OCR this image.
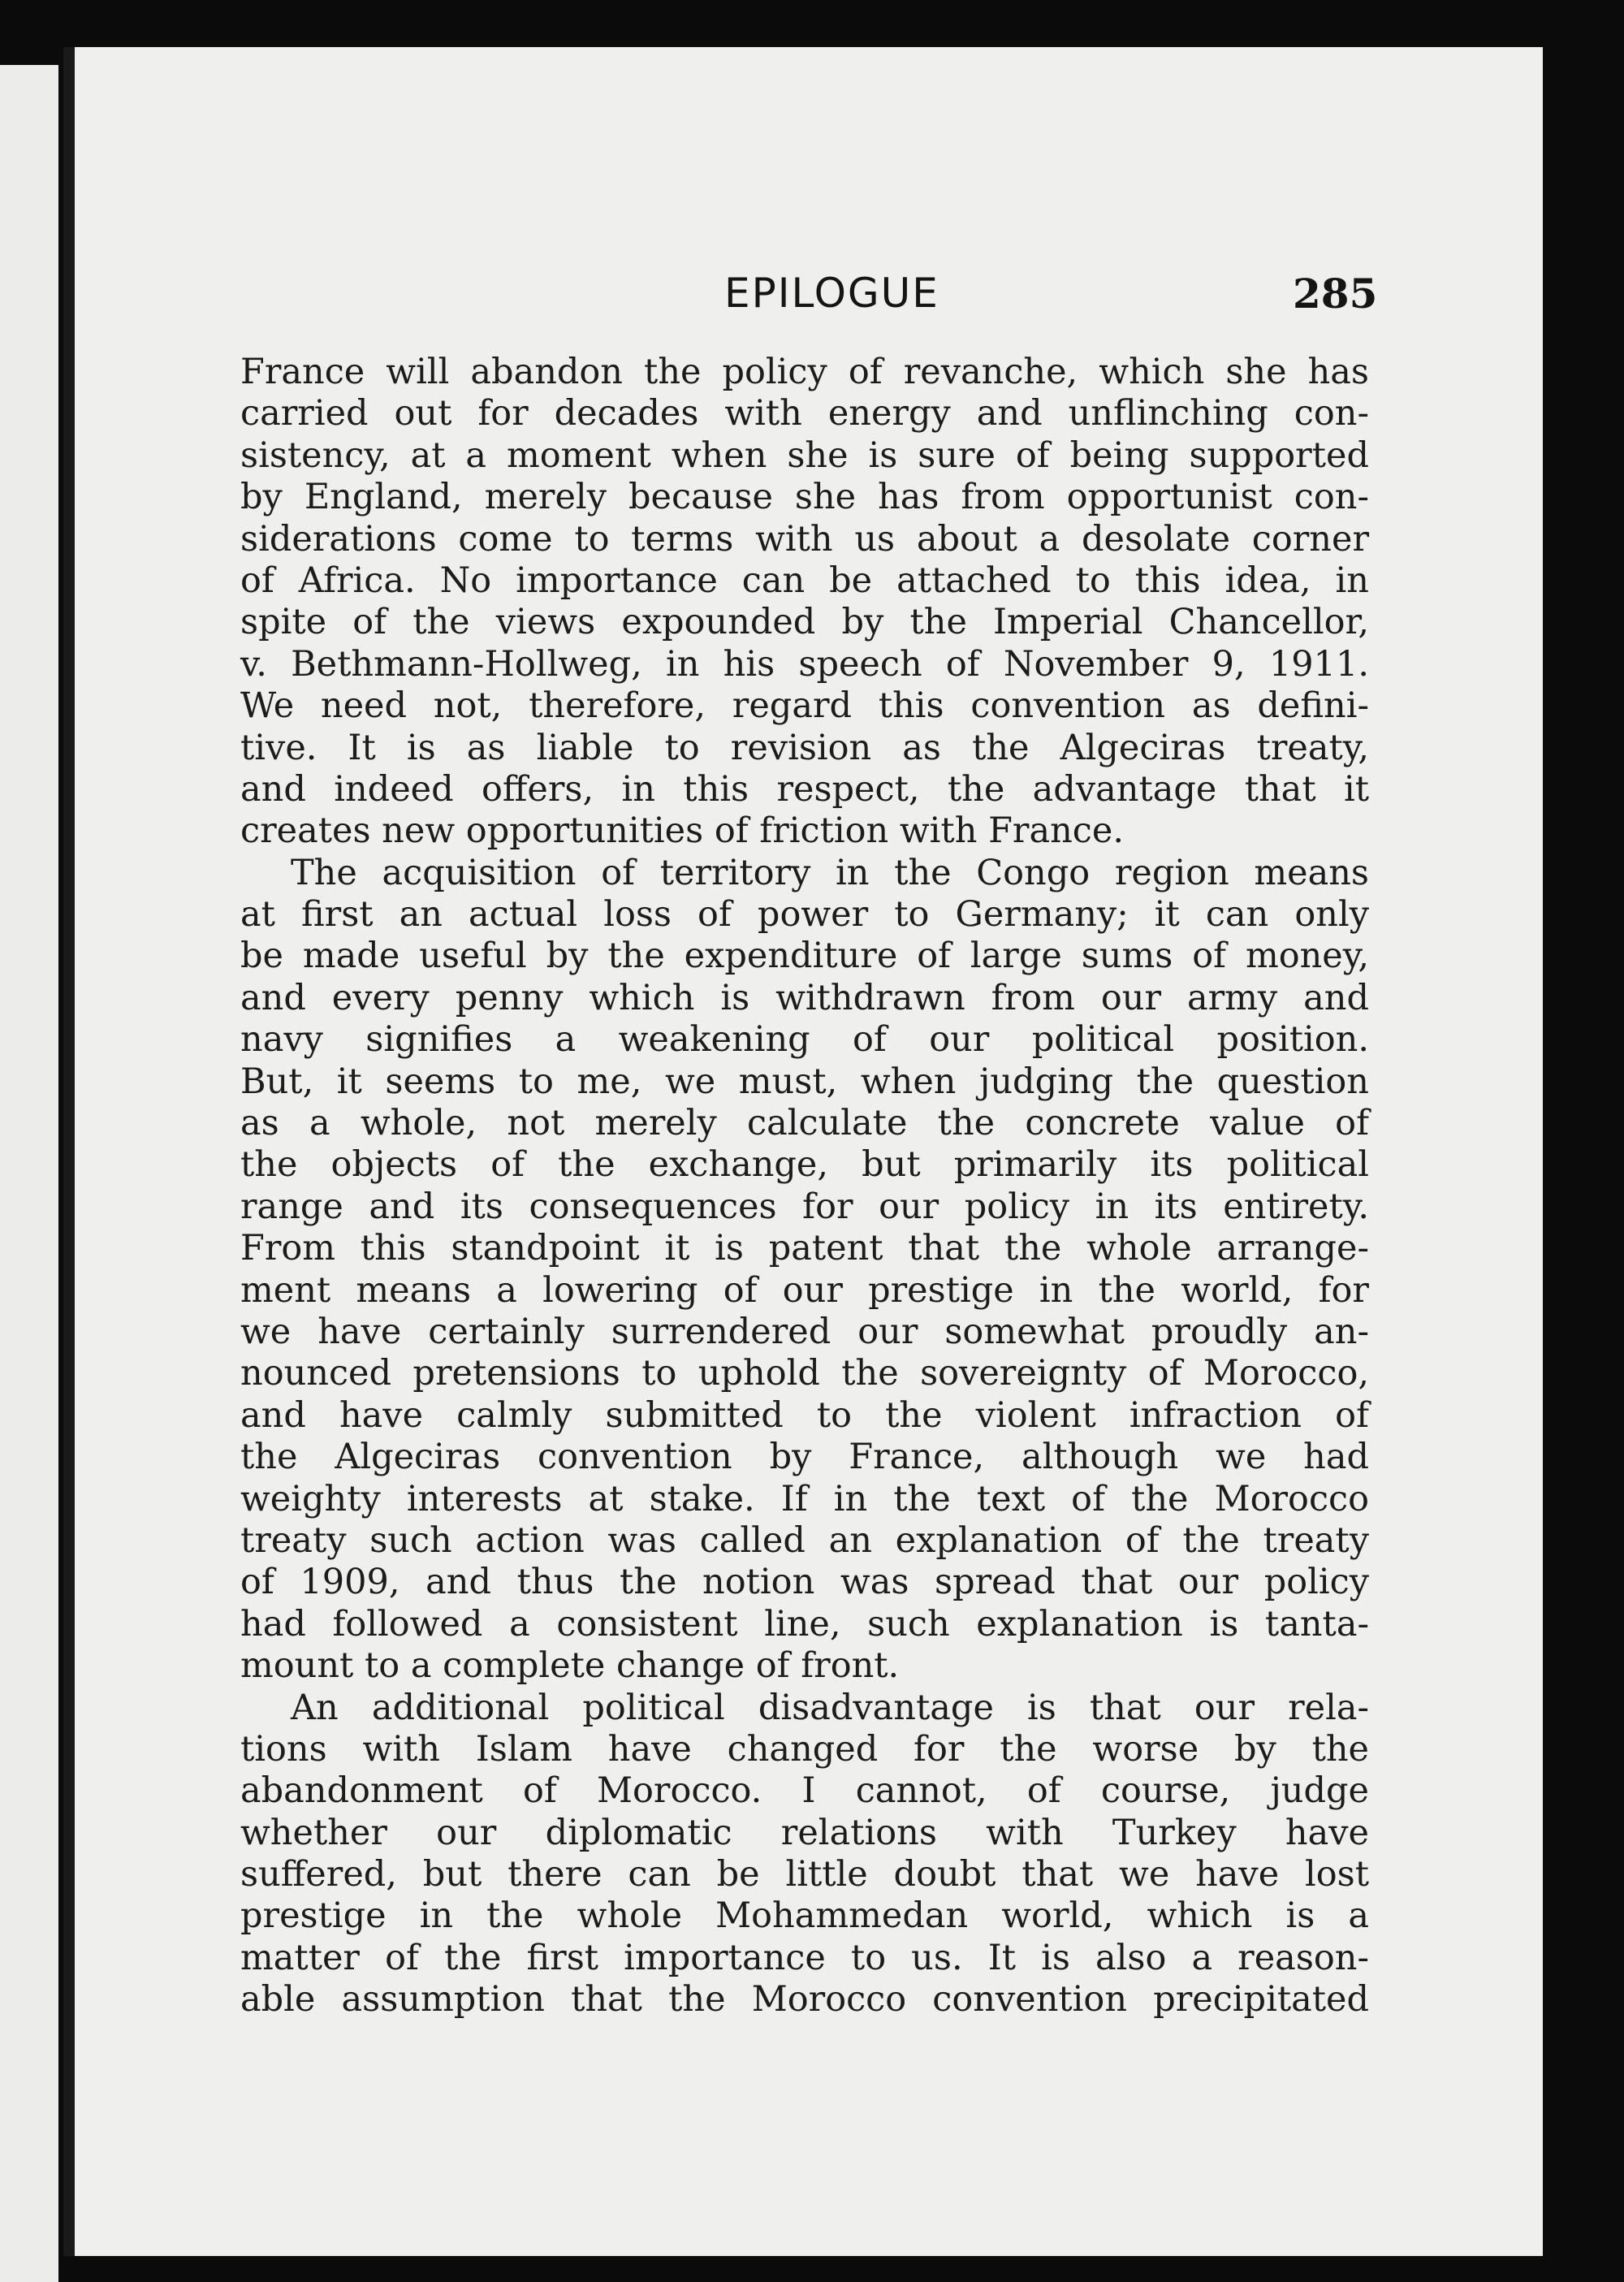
EPILOGUE	285
France will abandon the policy of revanche, which she has
carried out for decades with energy and unflinching con-
sistency, at a moment when she is sure of being supported
by England, merely because she has from opportunist con-
siderations come to terms with us about a desolate corner
of Africa. No importance can be attached to this idea, in
spite of the views expounded by the Imperial Chancellor,
v. Bethmann-Hollweg, in his speech of November 9, 1911.
We need not, therefore, regard this convention as defini-
tive. It is as liable to revision as the Algeciras treaty,
and indeed offers, in this respect, the advantage that it
creates new opportunities of friction with France.
The acquisition of territory in the Congo region means
at first an actual loss of power to Germany; it can only
be made useful by the expenditure of large sums of money,
and every penny which is withdrawn from our army and
navy signifies a weakening of our political position.
But, it seems to me, we must, when judging the question
as a whole, not merely calculate the concrete value of
the objects of the exchange, but primarily its political
range and its consequences for our policy in its entirety.
From this standpoint it is patent that the whole arrange-
ment means a lowering of our prestige in the world, for
we have certainly surrendered our somewhat proudly an-
nounced pretensions to uphold the sovereignty of Morocco,
and have calmly submitted to the violent infraction of
the Algeciras convention by France, although we had
weighty interests at stake. If in the text of the Morocco
treaty such action was called an explanation of the treaty
of 1909, and thus the notion was spread that our policy
had followed a consistent line, such explanation is tanta-
mount to a complete change of front.
An additional political disadvantage is that our rela-
tions with Islam have changed for the worse by the
abandonment of Morocco. I cannot, of course, judge
whether our diplomatic relations with Turkey have
suffered, but there can be little doubt that we have lost
prestige in the whole Mohammedan world, which is a
matter of the first importance to us. It is also a reason-
able assumption that the Morocco convention precipitated
